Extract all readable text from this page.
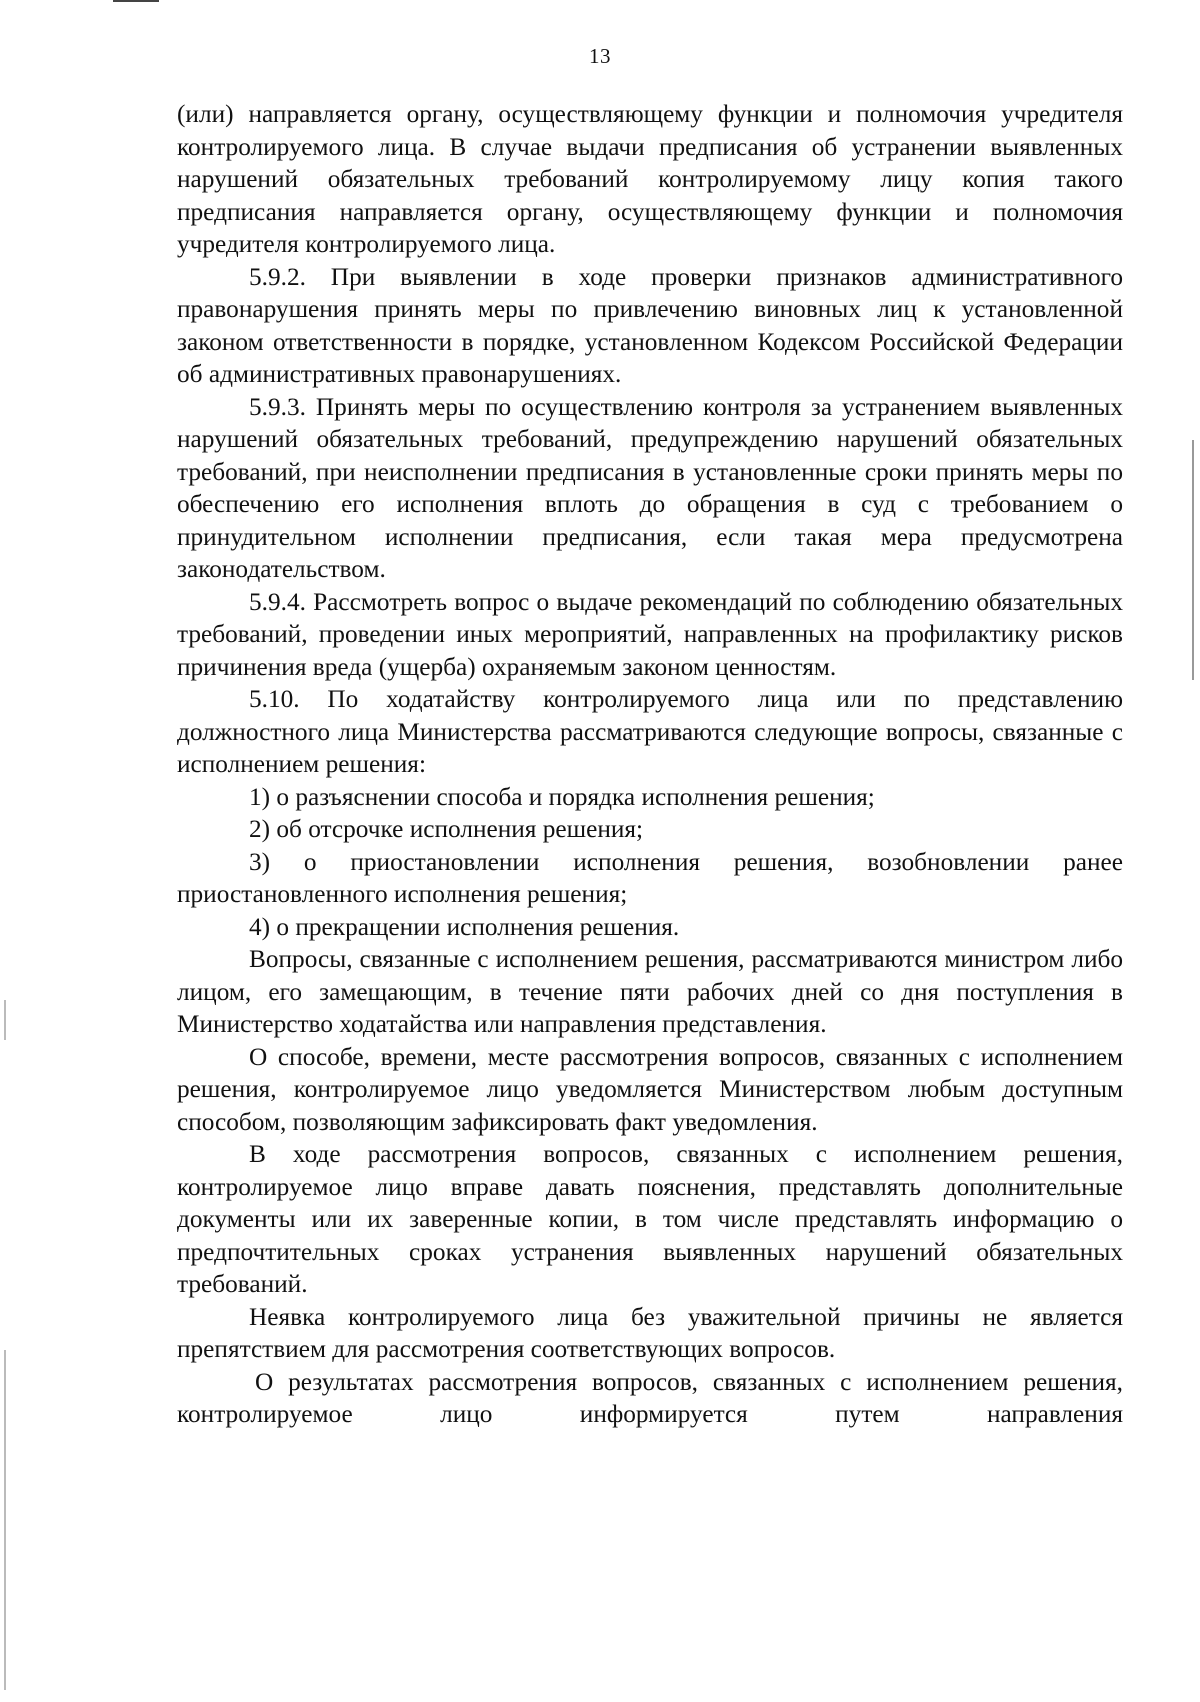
13

(или) направляется органу, осуществляющему функции и полномочия учредителя контролируемого лица. В случае выдачи предписания об устранении выявленных нарушений обязательных требований контролируемому лицу копия такого предписания направляется органу, осуществляющему функции и полномочия учредителя контролируемого лица.

5.9.2. При выявлении в ходе проверки признаков административного правонарушения принять меры по привлечению виновных лиц к установленной законом ответственности в порядке, установленном Кодексом Российской Федерации об административных правонарушениях.

5.9.3. Принять меры по осуществлению контроля за устранением выявленных нарушений обязательных требований, предупреждению нарушений обязательных требований, при неисполнении предписания в установленные сроки принять меры по обеспечению его исполнения вплоть до обращения в суд с требованием о принудительном исполнении предписания, если такая мера предусмотрена законодательством.

5.9.4. Рассмотреть вопрос о выдаче рекомендаций по соблюдению обязательных требований, проведении иных мероприятий, направленных на профилактику рисков причинения вреда (ущерба) охраняемым законом ценностям.

5.10. По ходатайству контролируемого лица или по представлению должностного лица Министерства рассматриваются следующие вопросы, связанные с исполнением решения:

1) о разъяснении способа и порядка исполнения решения;

2) об отсрочке исполнения решения;

3) о приостановлении исполнения решения, возобновлении ранее приостановленного исполнения решения;

4) о прекращении исполнения решения.

Вопросы, связанные с исполнением решения, рассматриваются министром либо лицом, его замещающим, в течение пяти рабочих дней со дня поступления в Министерство ходатайства или направления представления.

О способе, времени, месте рассмотрения вопросов, связанных с исполнением решения, контролируемое лицо уведомляется Министерством любым доступным способом, позволяющим зафиксировать факт уведомления.

В ходе рассмотрения вопросов, связанных с исполнением решения, контролируемое лицо вправе давать пояснения, представлять дополнительные документы или их заверенные копии, в том числе представлять информацию о предпочтительных сроках устранения выявленных нарушений обязательных требований.

Неявка контролируемого лица без уважительной причины не является препятствием для рассмотрения соответствующих вопросов.

О результатах рассмотрения вопросов, связанных с исполнением решения, контролируемое лицо информируется путем направления
